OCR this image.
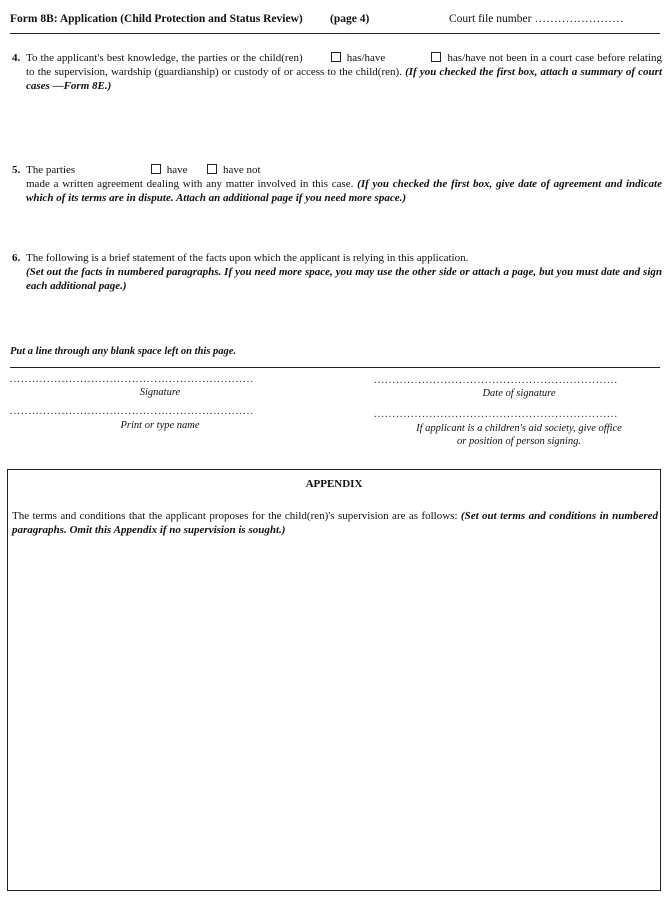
Form 8B: Application (Child Protection and Status Review) (page 4)	Court file number .......................
4. To the applicant's best knowledge, the parties or the child(ren)	has/have	has/have not been in a court case before relating to the supervision, wardship (guardianship) or custody of or access to the child(ren). (If you checked the first box, attach a summary of court cases —Form 8E.)
5. The parties	have	have not
made a written agreement dealing with any matter involved in this case. (If you checked the first box, give date of agreement and indicate which of its terms are in dispute. Attach an additional page if you need more space.)
6. The following is a brief statement of the facts upon which the applicant is relying in this application.
(Set out the facts in numbered paragraphs. If you need more space, you may use the other side or attach a page, but you must date and sign each additional page.)
Put a line through any blank space left on this page.
..................................................................
Signature
..................................................................
Date of signature
..................................................................
Print or type name
..................................................................
If applicant is a children's aid society, give office
or position of person signing.
APPENDIX
The terms and conditions that the applicant proposes for the child(ren)'s supervision are as follows: (Set out terms and conditions in numbered paragraphs. Omit this Appendix if no supervision is sought.)
